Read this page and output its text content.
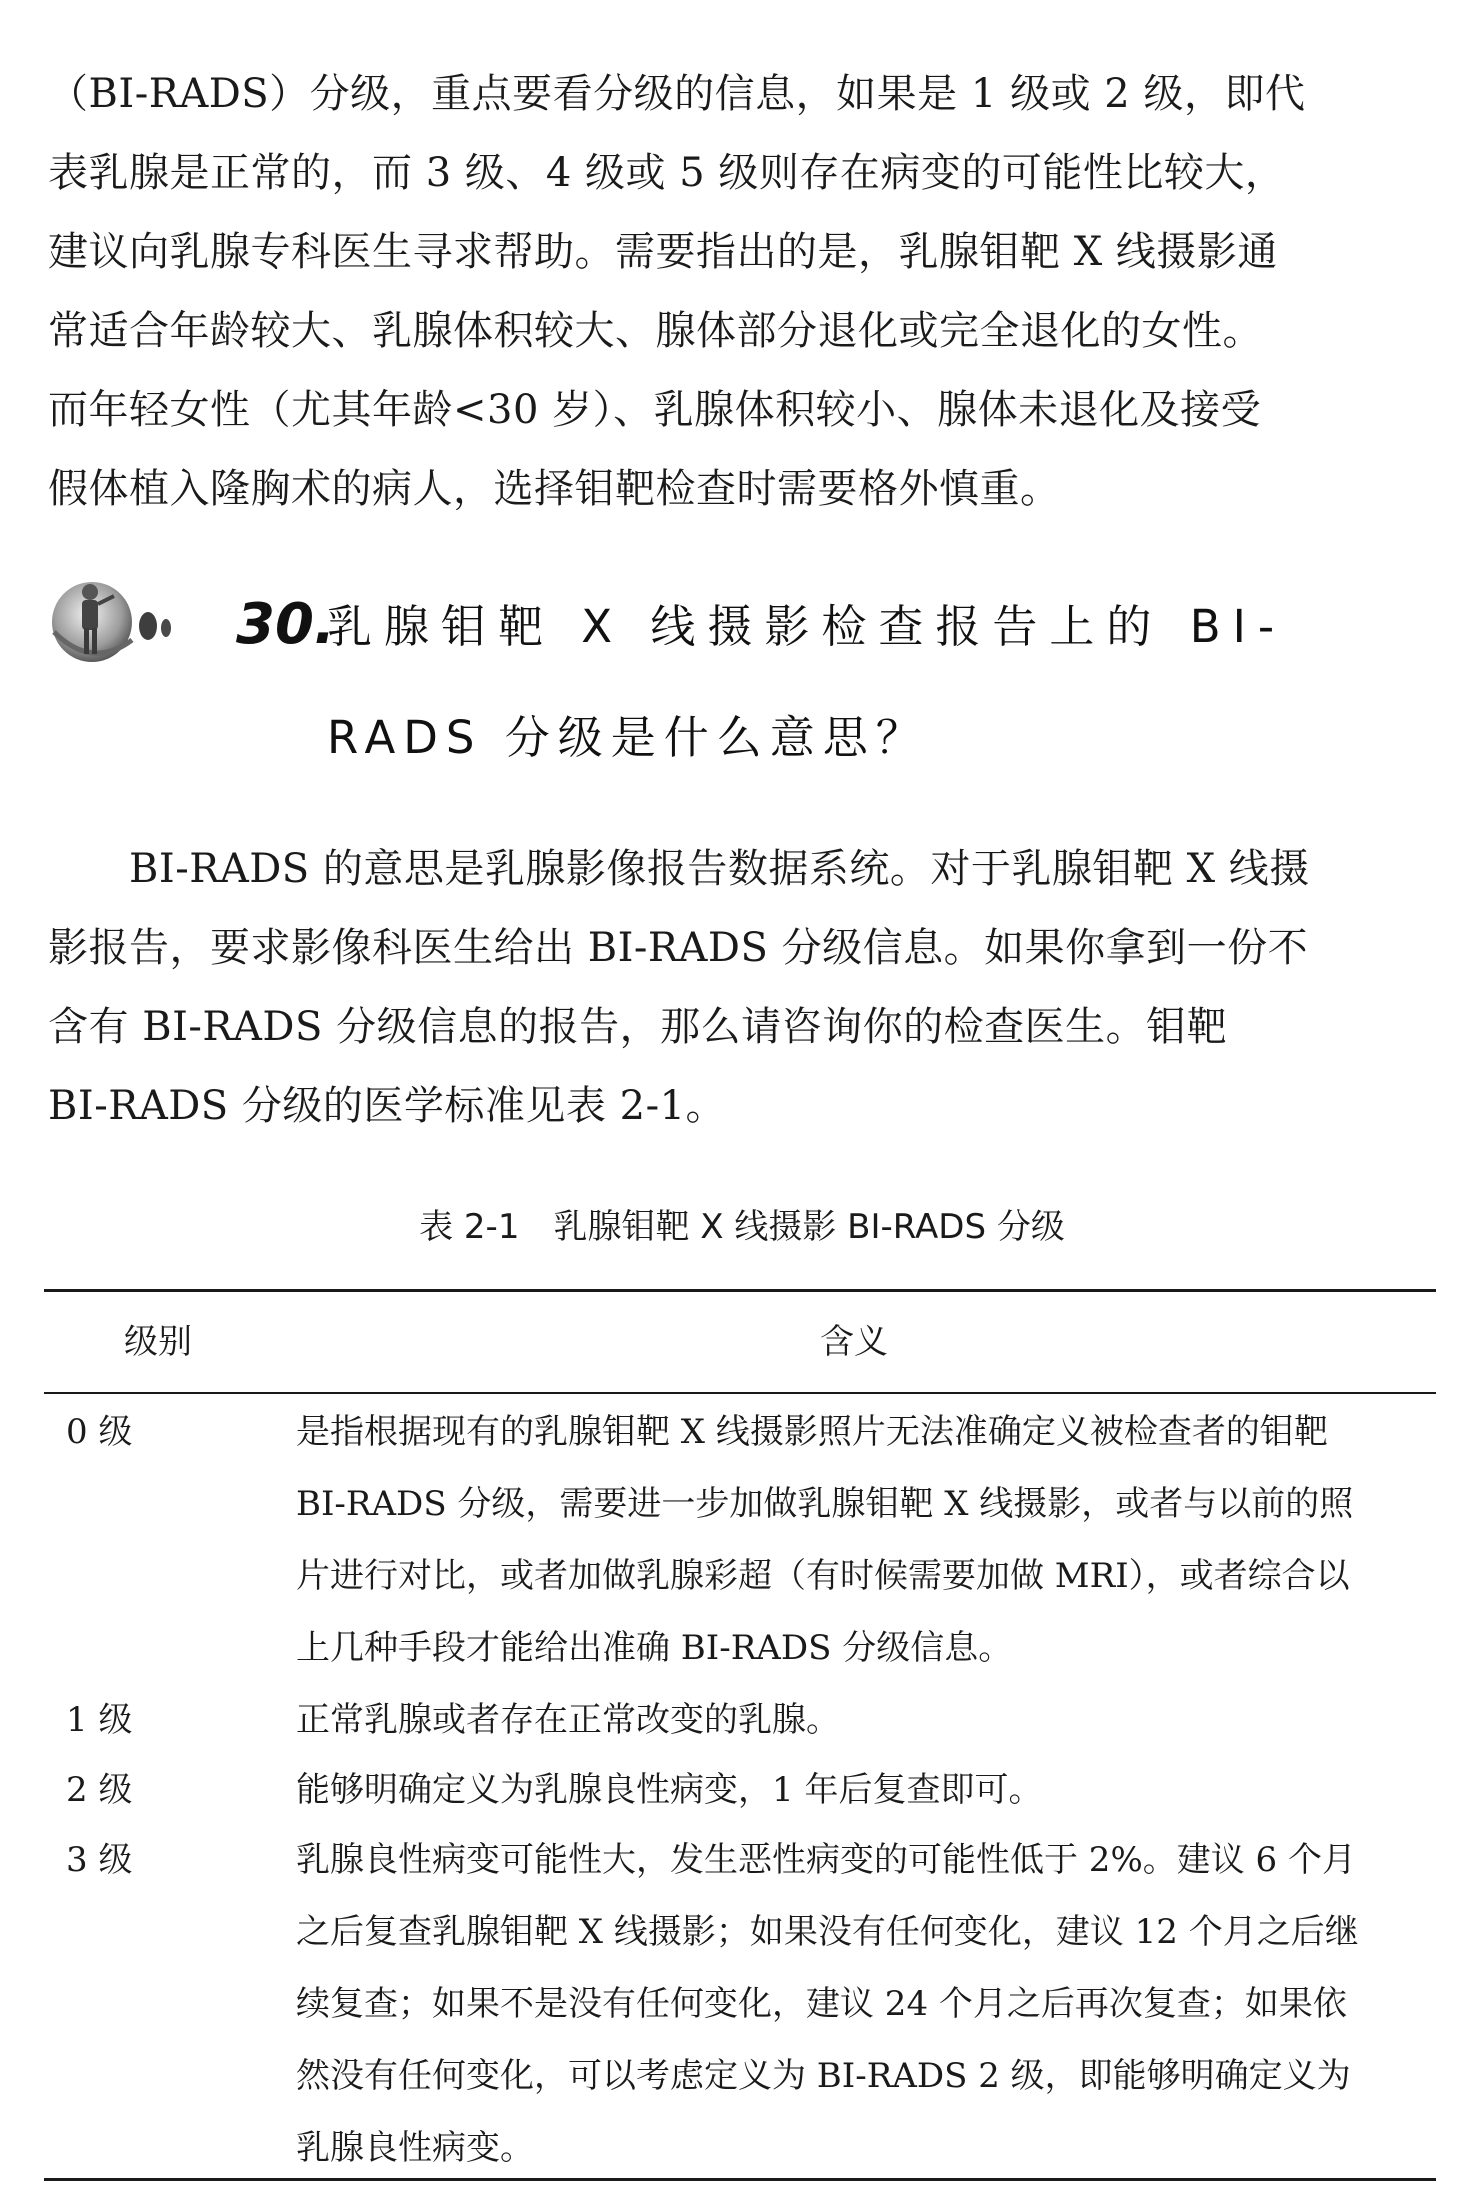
（BI-RADS）分级，重点要看分级的信息，如果是 1 级或 2 级，即代
表乳腺是正常的，而 3 级、4 级或 5 级则存在病变的可能性比较大，
建议向乳腺专科医生寻求帮助。需要指出的是，乳腺钼靶 X 线摄影通
常适合年龄较大、乳腺体积较大、腺体部分退化或完全退化的女性。
而年轻女性（尤其年龄<30 岁）、乳腺体积较小、腺体未退化及接受
假体植入隆胸术的病人，选择钼靶检查时需要格外慎重。
30.
乳腺钼靶 X 线摄影检查报告上的 BI-
RADS 分级是什么意思？
　　BI-RADS 的意思是乳腺影像报告数据系统。对于乳腺钼靶 X 线摄
影报告，要求影像科医生给出 BI-RADS 分级信息。如果你拿到一份不
含有 BI-RADS 分级信息的报告，那么请咨询你的检查医生。钼靶
BI-RADS 分级的医学标准见表 2-1。
表 2-1　乳腺钼靶 X 线摄影 BI-RADS 分级
级别	含义
0 级	是指根据现有的乳腺钼靶 X 线摄影照片无法准确定义被检查者的钼靶
BI-RADS 分级，需要进一步加做乳腺钼靶 X 线摄影，或者与以前的照
片进行对比，或者加做乳腺彩超（有时候需要加做 MRI），或者综合以
上几种手段才能给出准确 BI-RADS 分级信息。
1 级	正常乳腺或者存在正常改变的乳腺。
2 级	能够明确定义为乳腺良性病变，1 年后复查即可。
3 级	乳腺良性病变可能性大，发生恶性病变的可能性低于 2%。建议 6 个月
之后复查乳腺钼靶 X 线摄影；如果没有任何变化，建议 12 个月之后继
续复查；如果不是没有任何变化，建议 24 个月之后再次复查；如果依
然没有任何变化，可以考虑定义为 BI-RADS 2 级，即能够明确定义为
乳腺良性病变。
